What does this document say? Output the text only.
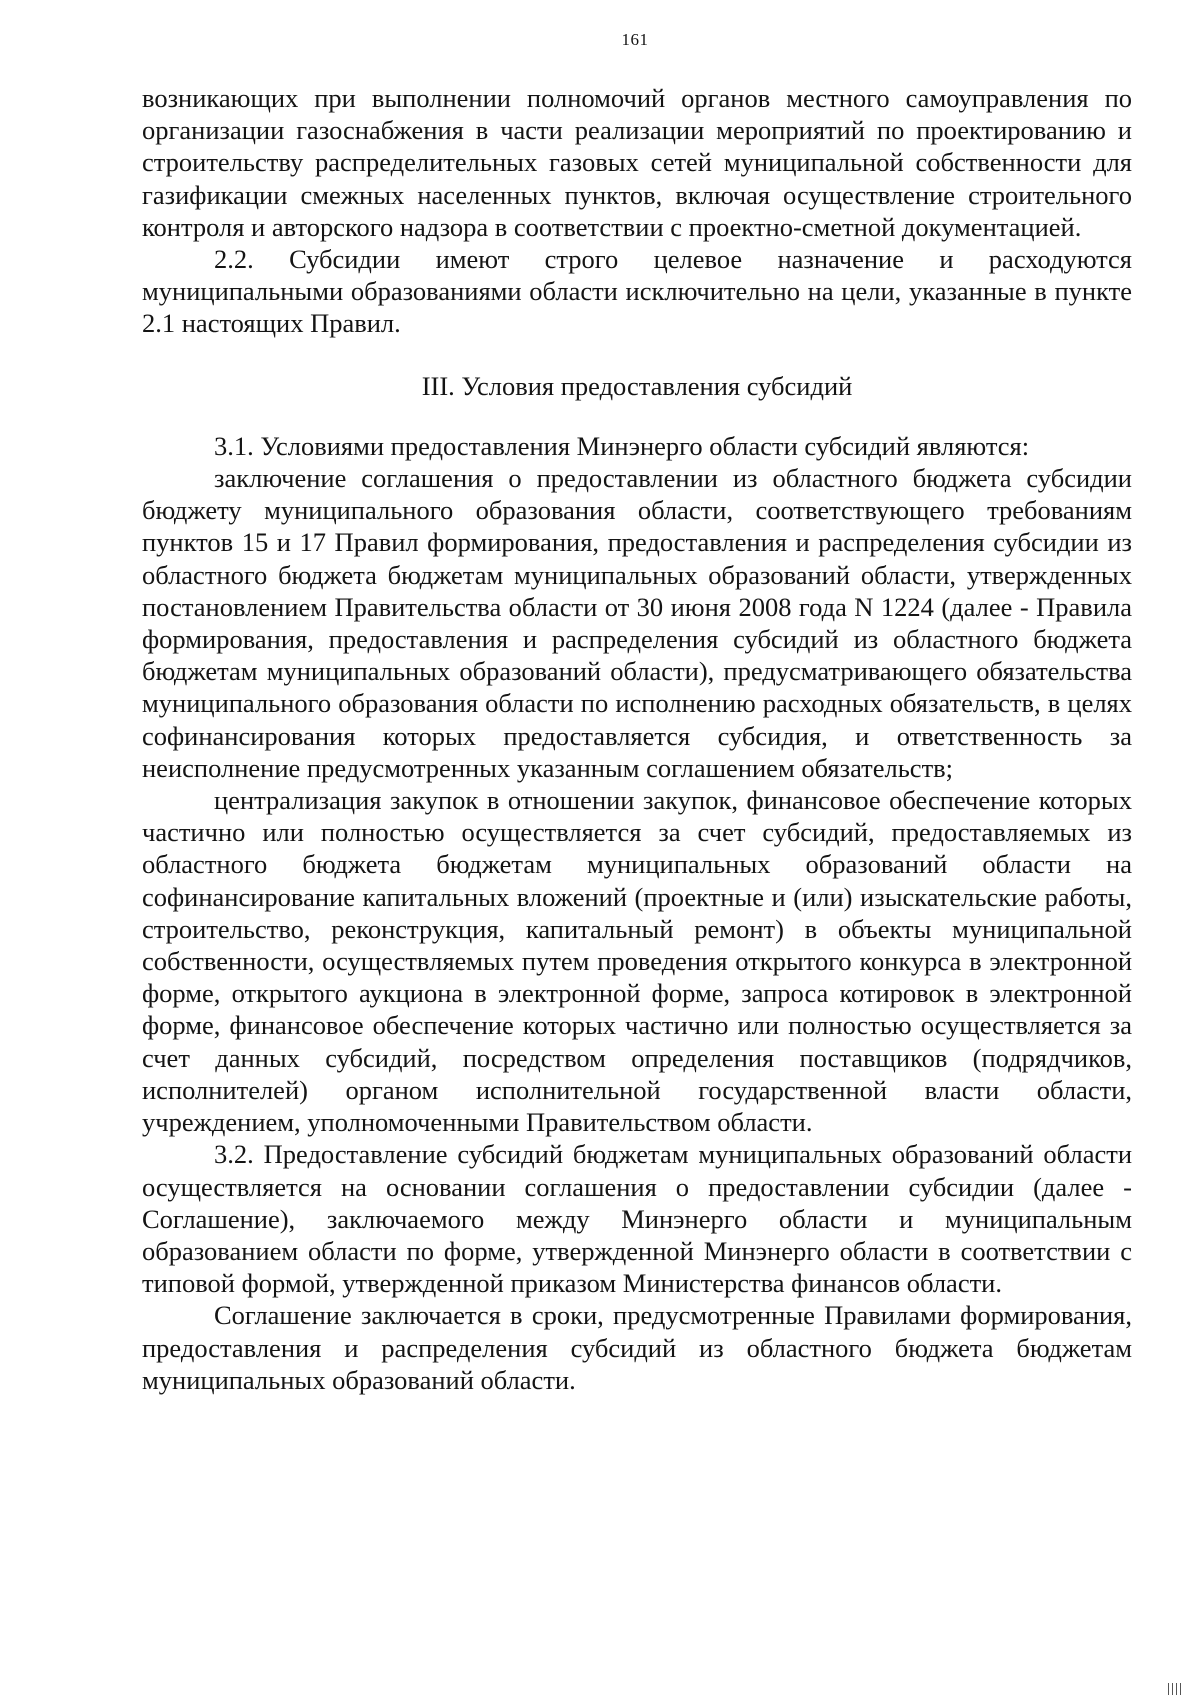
161

возникающих при выполнении полномочий органов местного самоуправления по организации газоснабжения в части реализации мероприятий по проектированию и строительству распределительных газовых сетей муниципальной собственности для газификации смежных населенных пунктов, включая осуществление строительного контроля и авторского надзора в соответствии с проектно-сметной документацией.

2.2. Субсидии имеют строго целевое назначение и расходуются муниципальными образованиями области исключительно на цели, указанные в пункте 2.1 настоящих Правил.

III. Условия предоставления субсидий

3.1. Условиями предоставления Минэнерго области субсидий являются:

заключение соглашения о предоставлении из областного бюджета субсидии бюджету муниципального образования области, соответствующего требованиям пунктов 15 и 17 Правил формирования, предоставления и распределения субсидии из областного бюджета бюджетам муниципальных образований области, утвержденных постановлением Правительства области от 30 июня 2008 года N 1224 (далее - Правила формирования, предоставления и распределения субсидий из областного бюджета бюджетам муниципальных образований области), предусматривающего обязательства муниципального образования области по исполнению расходных обязательств, в целях софинансирования которых предоставляется субсидия, и ответственность за неисполнение предусмотренных указанным соглашением обязательств;

централизация закупок в отношении закупок, финансовое обеспечение которых частично или полностью осуществляется за счет субсидий, предоставляемых из областного бюджета бюджетам муниципальных образований области на софинансирование капитальных вложений (проектные и (или) изыскательские работы, строительство, реконструкция, капитальный ремонт) в объекты муниципальной собственности, осуществляемых путем проведения открытого конкурса в электронной форме, открытого аукциона в электронной форме, запроса котировок в электронной форме, финансовое обеспечение которых частично или полностью осуществляется за счет данных субсидий, посредством определения поставщиков (подрядчиков, исполнителей) органом исполнительной государственной власти области, учреждением, уполномоченными Правительством области.

3.2. Предоставление субсидий бюджетам муниципальных образований области осуществляется на основании соглашения о предоставлении субсидии (далее - Соглашение), заключаемого между Минэнерго области и муниципальным образованием области по форме, утвержденной Минэнерго области в соответствии с типовой формой, утвержденной приказом Министерства финансов области.

Соглашение заключается в сроки, предусмотренные Правилами формирования, предоставления и распределения субсидий из областного бюджета бюджетам муниципальных образований области.
